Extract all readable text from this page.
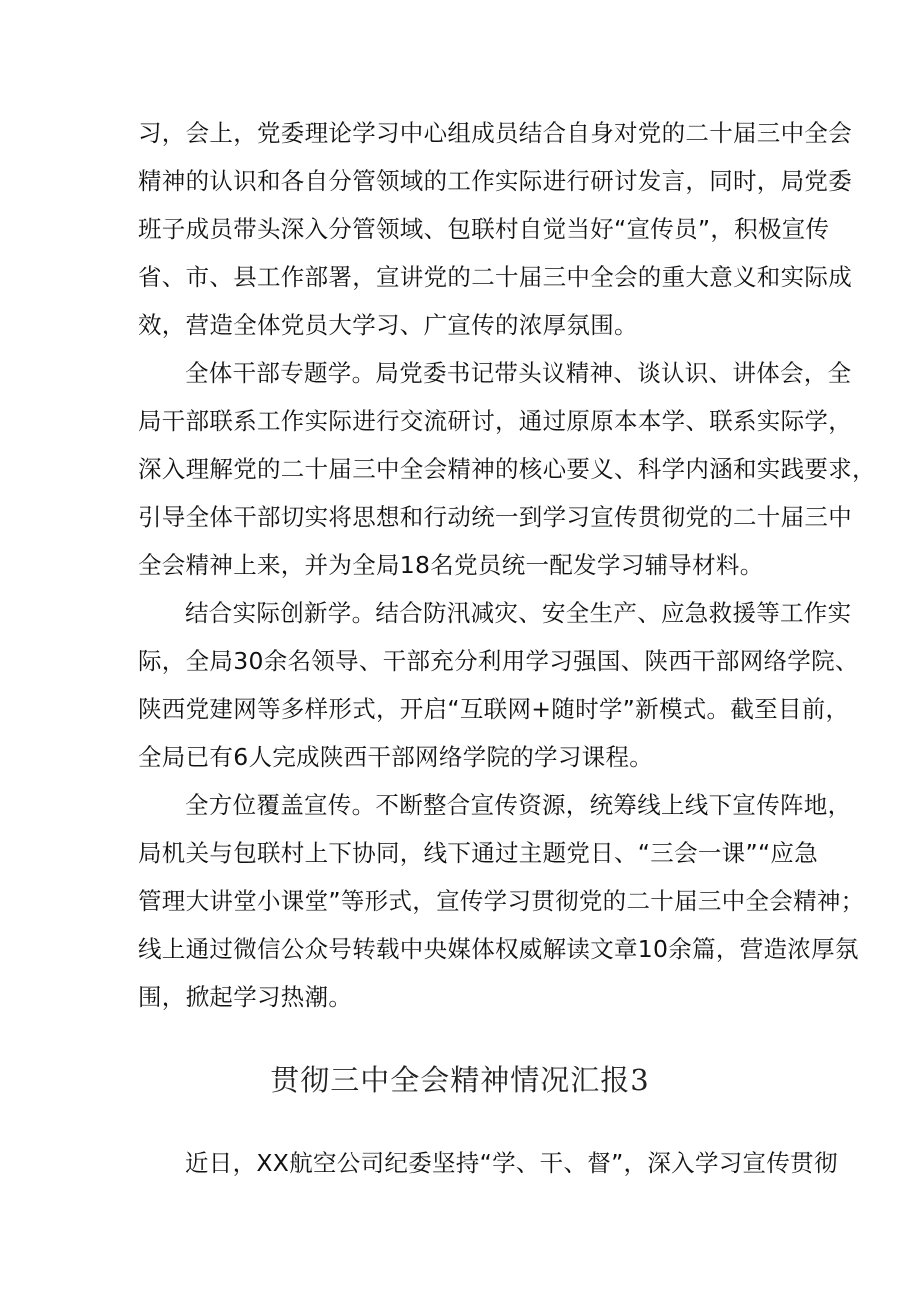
习，会上，党委理论学习中心组成员结合自身对党的二十届三中全会
精神的认识和各自分管领域的工作实际进行研讨发言，同时，局党委
班子成员带头深入分管领域、包联村自觉当好“宣传员”，积极宣传
省、市、县工作部署，宣讲党的二十届三中全会的重大意义和实际成
效，营造全体党员大学习、广宣传的浓厚氛围。
全体干部专题学。局党委书记带头议精神、谈认识、讲体会，全
局干部联系工作实际进行交流研讨，通过原原本本学、联系实际学，
深入理解党的二十届三中全会精神的核心要义、科学内涵和实践要求，
引导全体干部切实将思想和行动统一到学习宣传贯彻党的二十届三中
全会精神上来，并为全局18名党员统一配发学习辅导材料。
结合实际创新学。结合防汛减灾、安全生产、应急救援等工作实
际，全局30余名领导、干部充分利用学习强国、陕西干部网络学院、
陕西党建网等多样形式，开启“互联网+随时学”新模式。截至目前，
全局已有6人完成陕西干部网络学院的学习课程。
全方位覆盖宣传。不断整合宣传资源，统筹线上线下宣传阵地，
局机关与包联村上下协同，线下通过主题党日、“三会一课”“应急
管理大讲堂小课堂”等形式，宣传学习贯彻党的二十届三中全会精神；
线上通过微信公众号转载中央媒体权威解读文章10余篇，营造浓厚氛
围，掀起学习热潮。
贯彻三中全会精神情况汇报3
近日，XX航空公司纪委坚持“学、干、督”，深入学习宣传贯彻
